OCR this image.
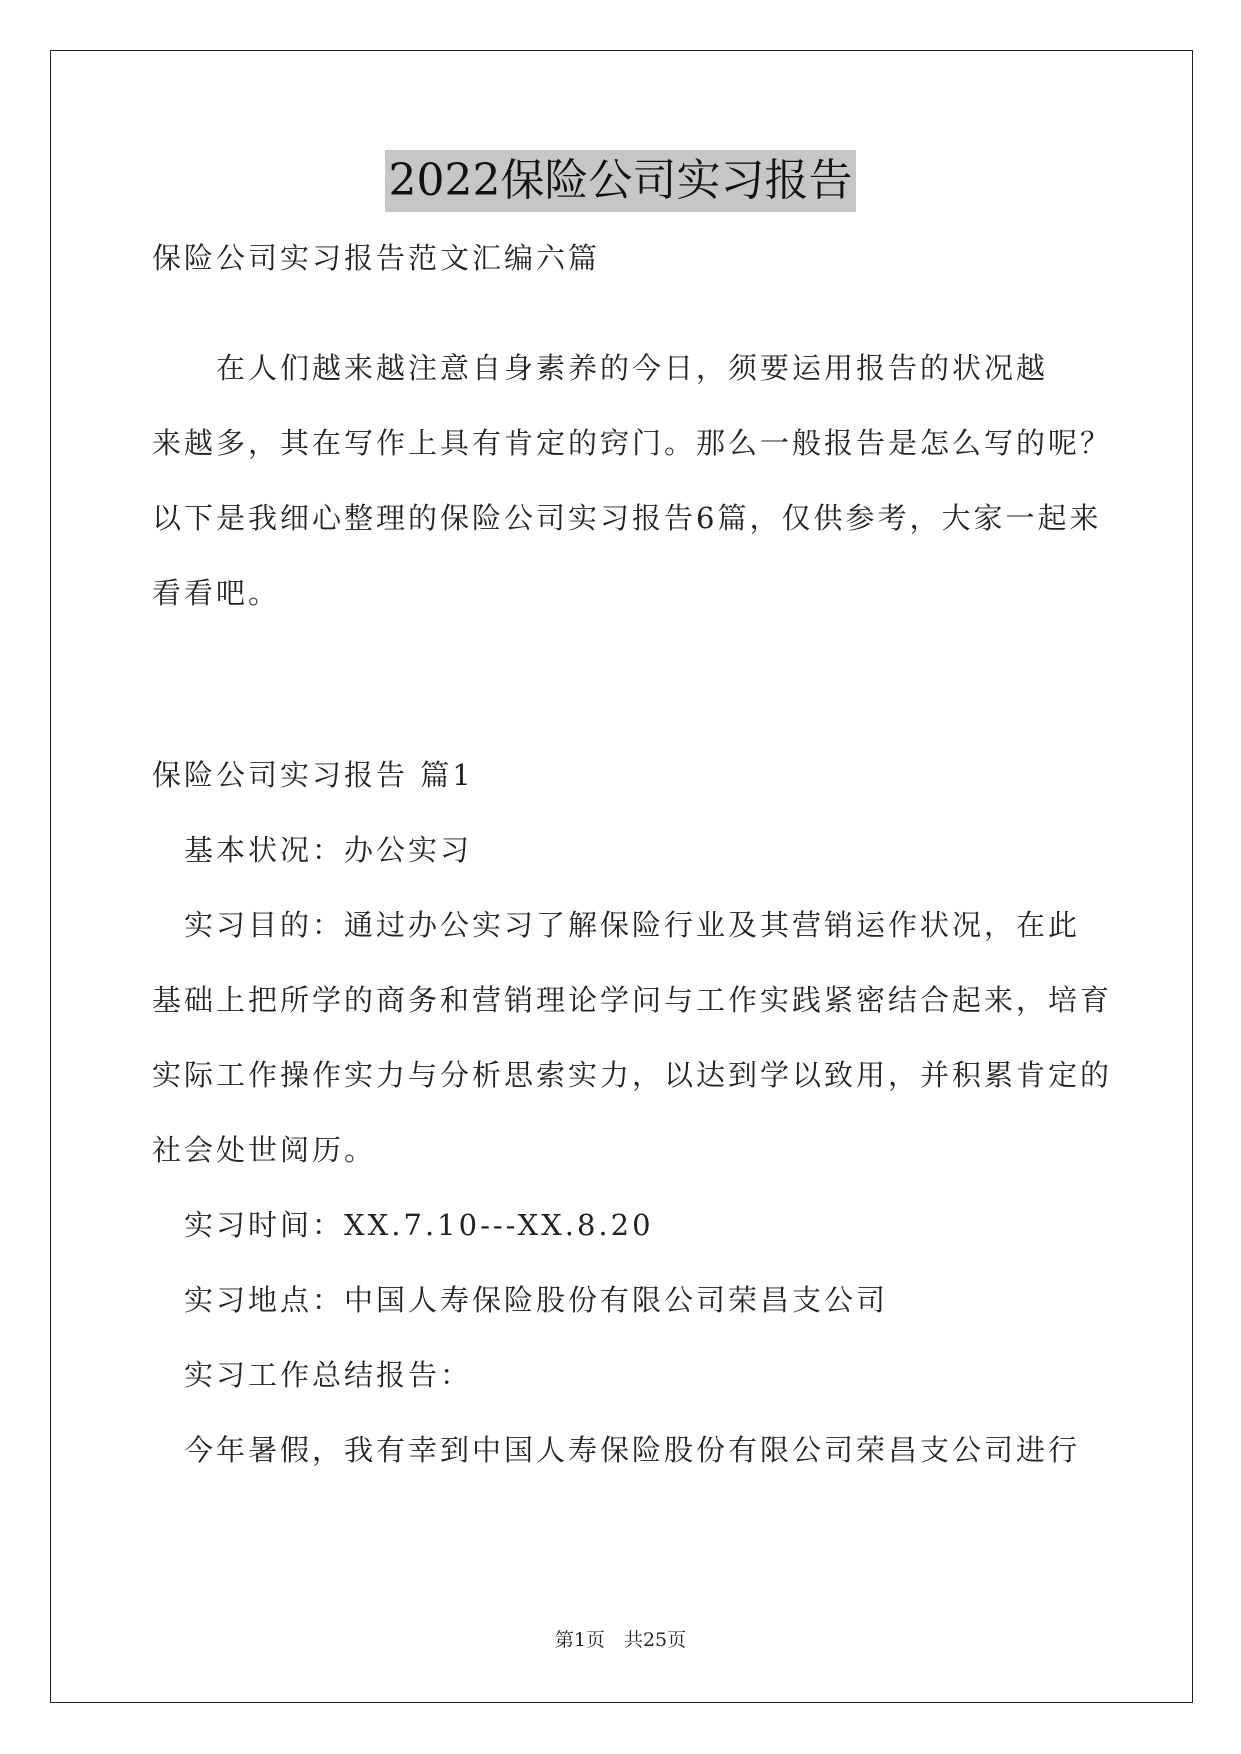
2022保险公司实习报告
保险公司实习报告范文汇编六篇
　　在人们越来越注意自身素养的今日，须要运用报告的状况越
来越多，其在写作上具有肯定的窍门。那么一般报告是怎么写的呢？
以下是我细心整理的保险公司实习报告6篇，仅供参考，大家一起来
看看吧。
保险公司实习报告 篇1
　基本状况：办公实习
　实习目的：通过办公实习了解保险行业及其营销运作状况，在此
基础上把所学的商务和营销理论学问与工作实践紧密结合起来，培育
实际工作操作实力与分析思索实力，以达到学以致用，并积累肯定的
社会处世阅历。
　实习时间：XX.7.10---XX.8.20
　实习地点：中国人寿保险股份有限公司荣昌支公司
　实习工作总结报告：
　今年暑假，我有幸到中国人寿保险股份有限公司荣昌支公司进行
第1页　共25页
